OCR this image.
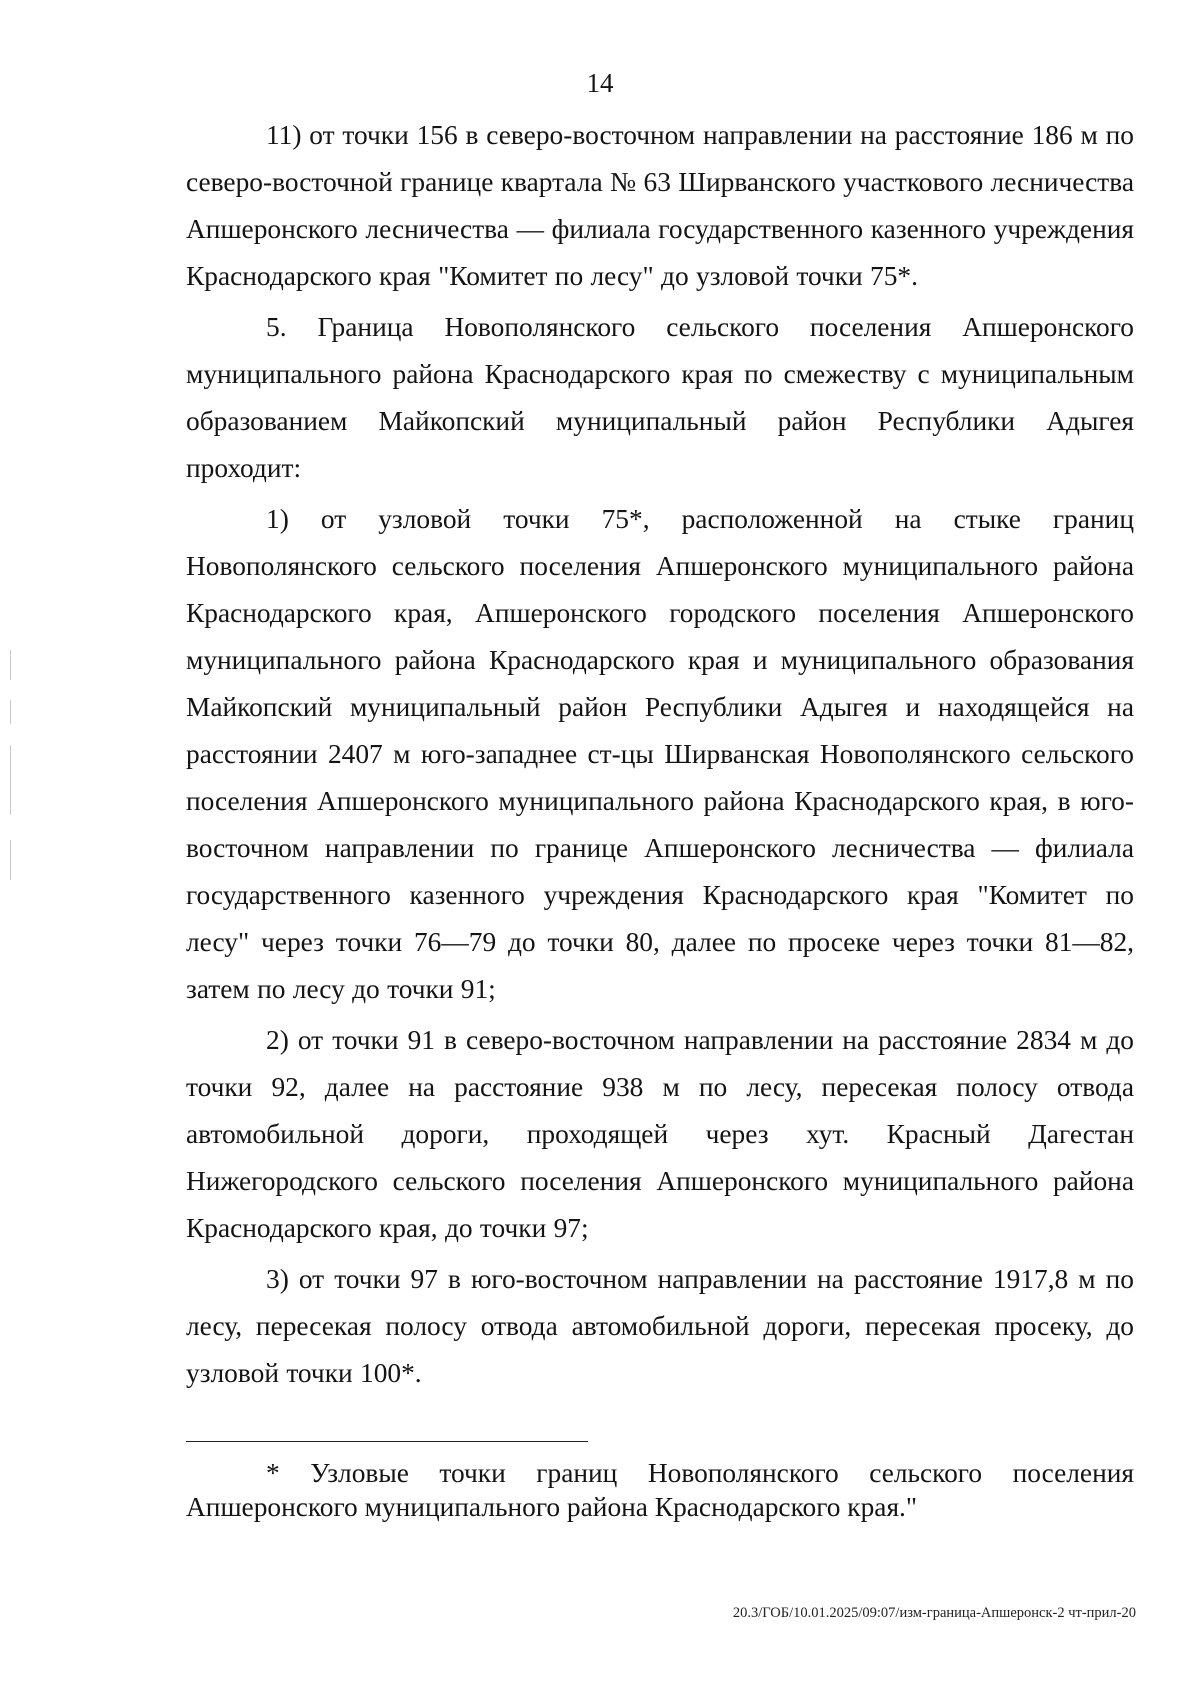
14

11) от точки 156 в северо-восточном направлении на расстояние 186 м по северо-восточной границе квартала № 63 Ширванского участкового лесничества Апшеронского лесничества — филиала государственного казенного учреждения Краснодарского края "Комитет по лесу" до узловой точки 75*.

5. Граница Новополянского сельского поселения Апшеронского муниципального района Краснодарского края по смежеству с муниципальным образованием Майкопский муниципальный район Республики Адыгея проходит:

1) от узловой точки 75*, расположенной на стыке границ Новополянского сельского поселения Апшеронского муниципального района Краснодарского края, Апшеронского городского поселения Апшеронского муниципального района Краснодарского края и муниципального образования Майкопский муниципальный район Республики Адыгея и находящейся на расстоянии 2407 м юго-западнее ст-цы Ширванская Новополянского сельского поселения Апшеронского муниципального района Краснодарского края, в юго-восточном направлении по границе Апшеронского лесничества — филиала государственного казенного учреждения Краснодарского края "Комитет по лесу" через точки 76—79 до точки 80, далее по просеке через точки 81—82, затем по лесу до точки 91;

2) от точки 91 в северо-восточном направлении на расстояние 2834 м до точки 92, далее на расстояние 938 м по лесу, пересекая полосу отвода автомобильной дороги, проходящей через хут. Красный Дагестан Нижегородского сельского поселения Апшеронского муниципального района Краснодарского края, до точки 97;

3) от точки 97 в юго-восточном направлении на расстояние 1917,8 м по лесу, пересекая полосу отвода автомобильной дороги, пересекая просеку, до узловой точки 100*.

* Узловые точки границ Новополянского сельского поселения Апшеронского муниципального района Краснодарского края."

20.3/ГОБ/10.01.2025/09:07/изм-граница-Апшеронск-2 чт-прил-20
